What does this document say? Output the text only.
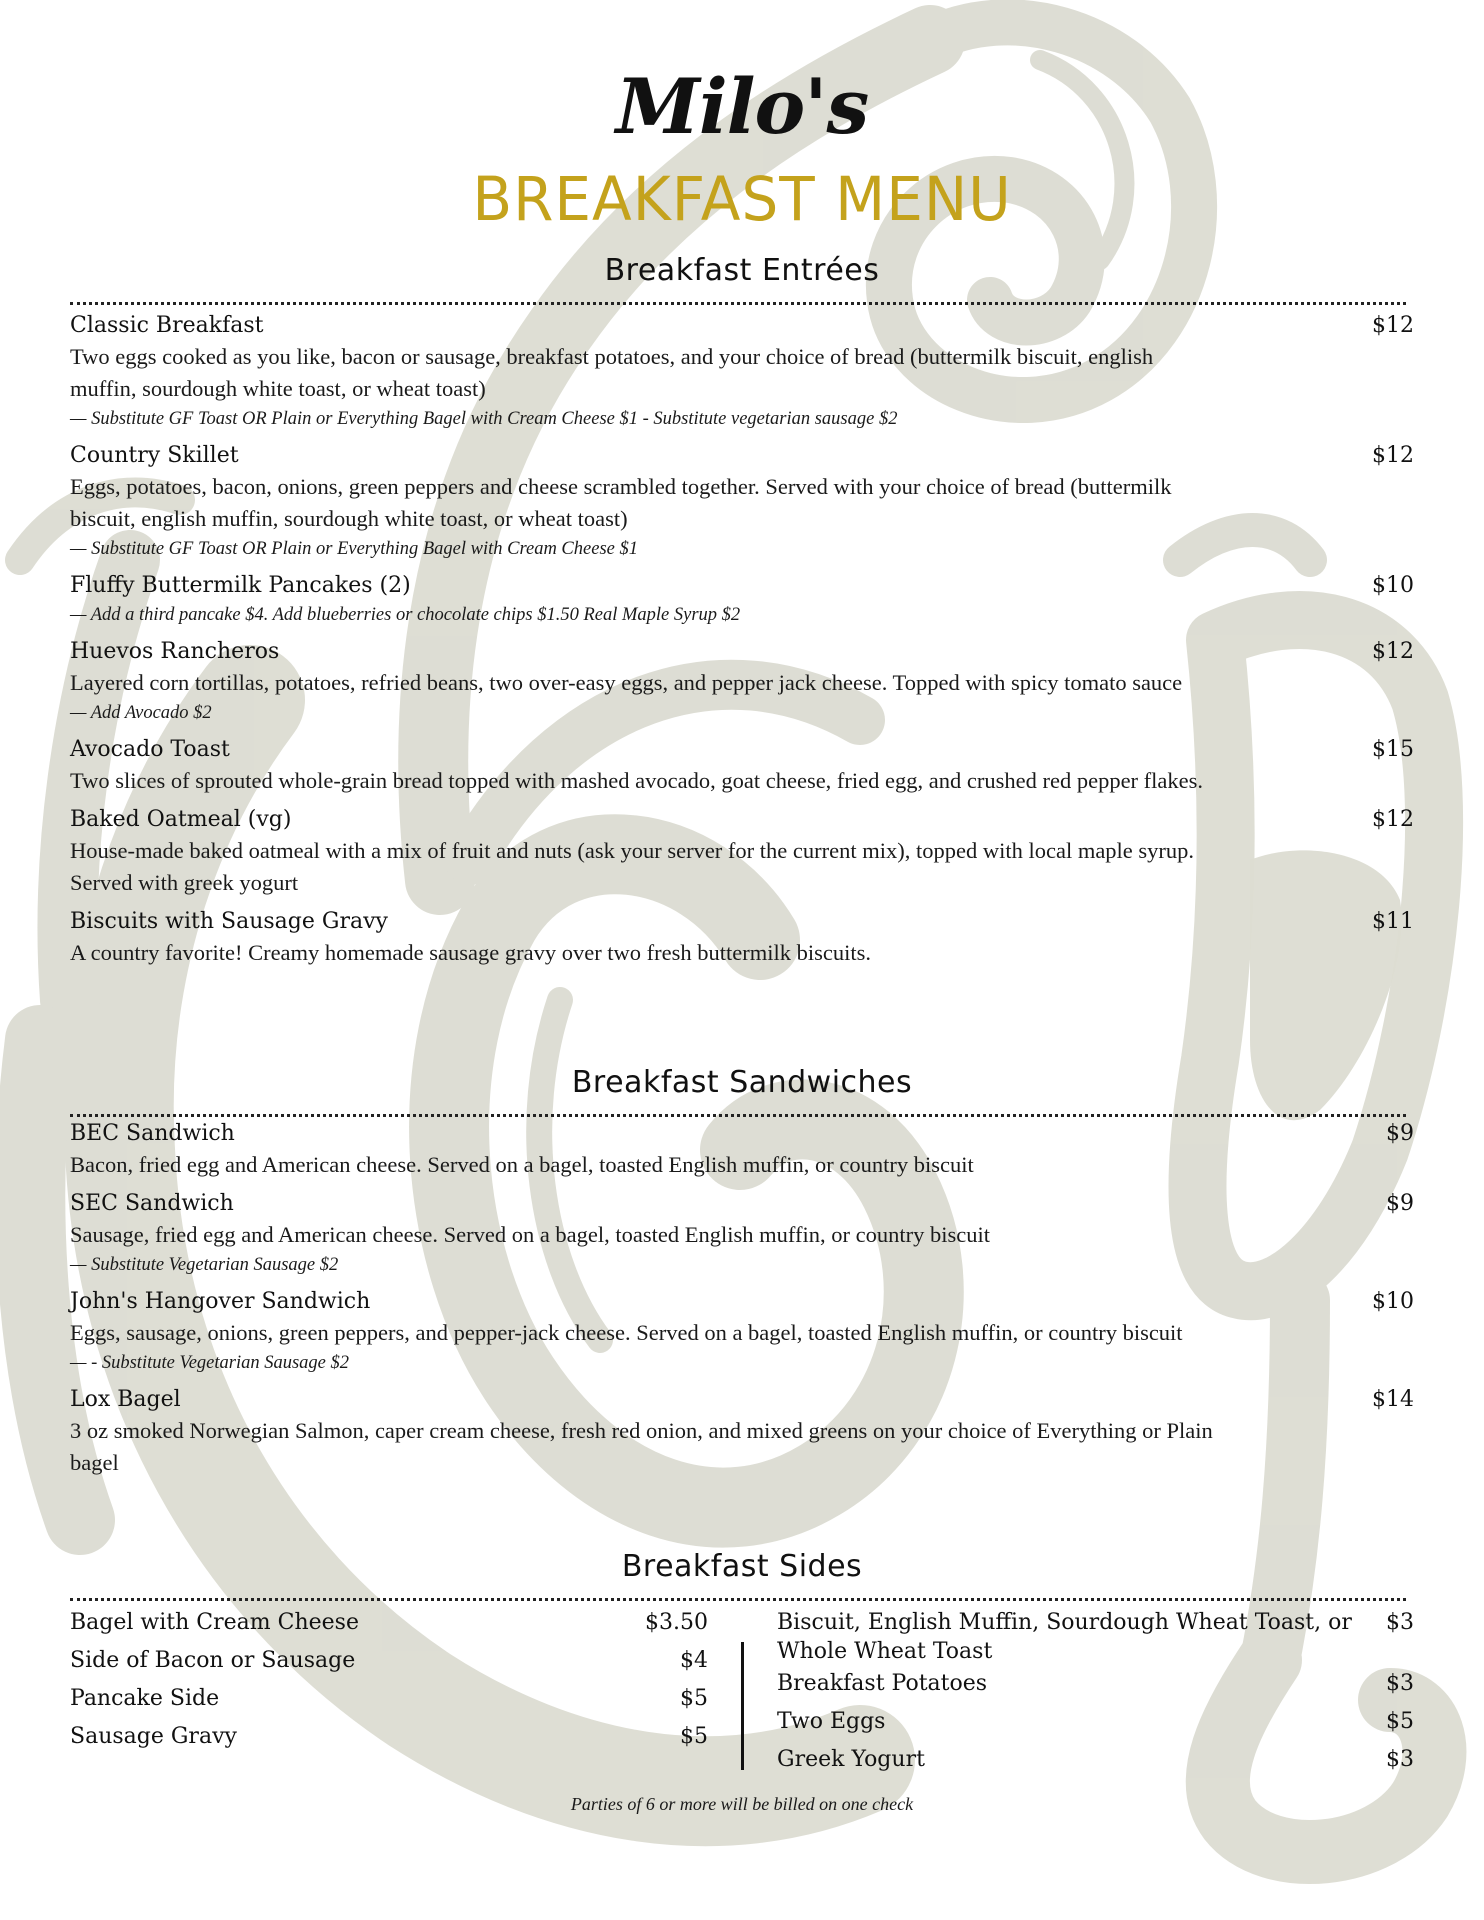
Milo's
BREAKFAST MENU
Breakfast Entrées
Classic Breakfast	$12
Two eggs cooked as you like, bacon or sausage, breakfast potatoes, and your choice of bread (buttermilk biscuit, english muffin, sourdough white toast, or wheat toast)
— Substitute GF Toast OR Plain or Everything Bagel with Cream Cheese $1 - Substitute vegetarian sausage $2
Country Skillet	$12
Eggs, potatoes, bacon, onions, green peppers and cheese scrambled together. Served with your choice of bread (buttermilk biscuit, english muffin, sourdough white toast, or wheat toast)
— Substitute GF Toast OR Plain or Everything Bagel with Cream Cheese $1
Fluffy Buttermilk Pancakes (2)	$10
— Add a third pancake $4. Add blueberries or chocolate chips $1.50 Real Maple Syrup $2
Huevos Rancheros	$12
Layered corn tortillas, potatoes, refried beans, two over-easy eggs, and pepper jack cheese. Topped with spicy tomato sauce
— Add Avocado $2
Avocado Toast	$15
Two slices of sprouted whole-grain bread topped with mashed avocado, goat cheese, fried egg, and crushed red pepper flakes.
Baked Oatmeal (vg)	$12
House-made baked oatmeal with a mix of fruit and nuts (ask your server for the current mix), topped with local maple syrup. Served with greek yogurt
Biscuits with Sausage Gravy	$11
A country favorite! Creamy homemade sausage gravy over two fresh buttermilk biscuits.
Breakfast Sandwiches
BEC Sandwich	$9
Bacon, fried egg and American cheese. Served on a bagel, toasted English muffin, or country biscuit
SEC Sandwich	$9
Sausage, fried egg and American cheese. Served on a bagel, toasted English muffin, or country biscuit
— Substitute Vegetarian Sausage $2
John's Hangover Sandwich	$10
Eggs, sausage, onions, green peppers, and pepper-jack cheese. Served on a bagel, toasted English muffin, or country biscuit
— - Substitute Vegetarian Sausage $2
Lox Bagel	$14
3 oz smoked Norwegian Salmon, caper cream cheese, fresh red onion, and mixed greens on your choice of Everything or Plain bagel
Breakfast Sides
Bagel with Cream Cheese	$3.50
Side of Bacon or Sausage	$4
Pancake Side	$5
Sausage Gravy	$5
Biscuit, English Muffin, Sourdough Wheat Toast, or Whole Wheat Toast
$3
Breakfast Potatoes	$3
Two Eggs	$5
Greek Yogurt	$3
Parties of 6 or more will be billed on one check
